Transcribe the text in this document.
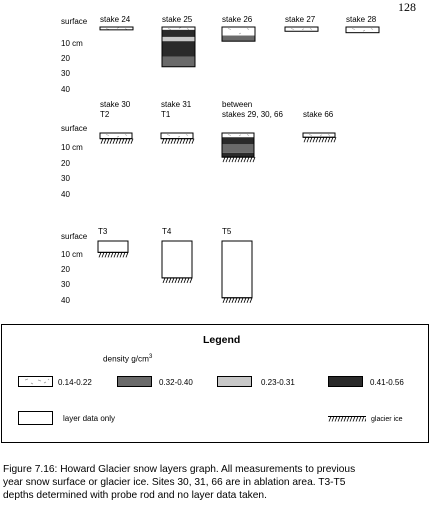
128
surface
10 cm
20
30
40
stake 24	stake 25	stake 26	stake 27	stake 28
surface
10 cm
20
30
40
stake 30
T2
stake 31
T1
between
stakes 29, 30, 66	stake 66
surface
10 cm
20
30
40
T3	T4	T5
Legend
density $g/cm^3$
0.14-0.22	0.32-0.40	0.23-0.31	0.41-0.56
layer data only	glacier ice
Figure 7.16: Howard Glacier snow layers graph. All measurements to previous
year snow surface or glacier ice. Sites 30, 31, 66 are in ablation area. T3-T5
depths determined with probe rod and no layer data taken.
